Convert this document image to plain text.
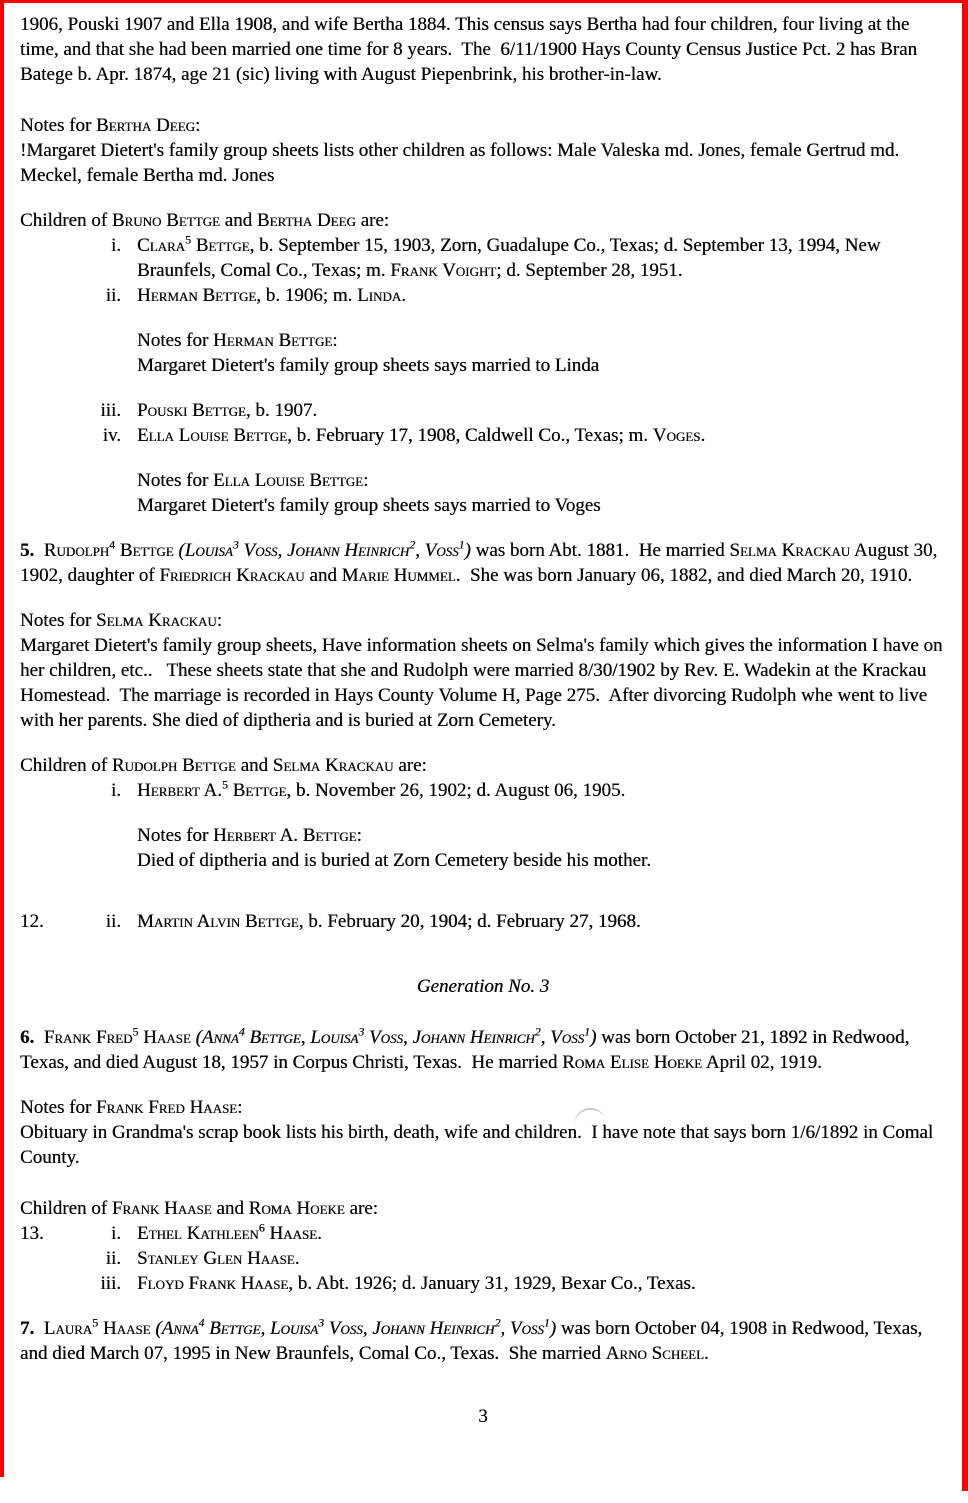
1906, Pouski 1907 and Ella 1908, and wife Bertha 1884. This census says Bertha had four children, four living at the time, and that she had been married one time for 8 years.  The  6/11/1900 Hays County Census Justice Pct. 2 has Bran Batege b. Apr. 1874, age 21 (sic) living with August Piepenbrink, his brother-in-law.
Notes for Bertha Deeg:
!Margaret Dietert's family group sheets lists other children as follows: Male Valeska md. Jones, female Gertrud md. Meckel, female Bertha md. Jones
Children of Bruno Bettge and Bertha Deeg are:
i. Clara$^5$ Bettge, b. September 15, 1903, Zorn, Guadalupe Co., Texas; d. September 13, 1994, New Braunfels, Comal Co., Texas; m. Frank Voight; d. September 28, 1951.
ii. Herman Bettge, b. 1906; m. Linda.
Notes for Herman Bettge:
Margaret Dietert's family group sheets says married to Linda
iii. Pouski Bettge, b. 1907.
iv. Ella Louise Bettge, b. February 17, 1908, Caldwell Co., Texas; m. Voges.
Notes for Ella Louise Bettge:
Margaret Dietert's family group sheets says married to Voges
5. Rudolph$^4$ Bettge (Louisa$^3$ Voss, Johann Heinrich$^2$, Voss$^1$) was born Abt. 1881.  He married Selma Krackau August 30, 1902, daughter of Friedrich Krackau and Marie Hummel.  She was born January 06, 1882, and died March 20, 1910.
Notes for Selma Krackau:
Margaret Dietert's family group sheets, Have information sheets on Selma's family which gives the information I have on her children, etc..   These sheets state that she and Rudolph were married 8/30/1902 by Rev. E. Wadekin at the Krackau Homestead.  The marriage is recorded in Hays County Volume H, Page 275.  After divorcing Rudolph whe went to live with her parents. She died of diptheria and is buried at Zorn Cemetery.
Children of Rudolph Bettge and Selma Krackau are:
i. Herbert A.$^5$ Bettge, b. November 26, 1902; d. August 06, 1905.
Notes for Herbert A. Bettge:
Died of diptheria and is buried at Zorn Cemetery beside his mother.
12.	ii. Martin Alvin Bettge, b. February 20, 1904; d. February 27, 1968.
Generation No. 3
6. Frank Fred$^5$ Haase (Anna$^4$ Bettge, Louisa$^3$ Voss, Johann Heinrich$^2$, Voss$^1$) was born October 21, 1892 in Redwood, Texas, and died August 18, 1957 in Corpus Christi, Texas.  He married Roma Elise Hoeke April 02, 1919.
Notes for Frank Fred Haase:
Obituary in Grandma's scrap book lists his birth, death, wife and children.  I have note that says born 1/6/1892 in Comal County.
Children of Frank Haase and Roma Hoeke are:
13.	i. Ethel Kathleen$^6$ Haase.
ii. Stanley Glen Haase.
iii. Floyd Frank Haase, b. Abt. 1926; d. January 31, 1929, Bexar Co., Texas.
7. Laura$^5$ Haase (Anna$^4$ Bettge, Louisa$^3$ Voss, Johann Heinrich$^2$, Voss$^1$) was born October 04, 1908 in Redwood, Texas, and died March 07, 1995 in New Braunfels, Comal Co., Texas.  She married Arno Scheel.
3
